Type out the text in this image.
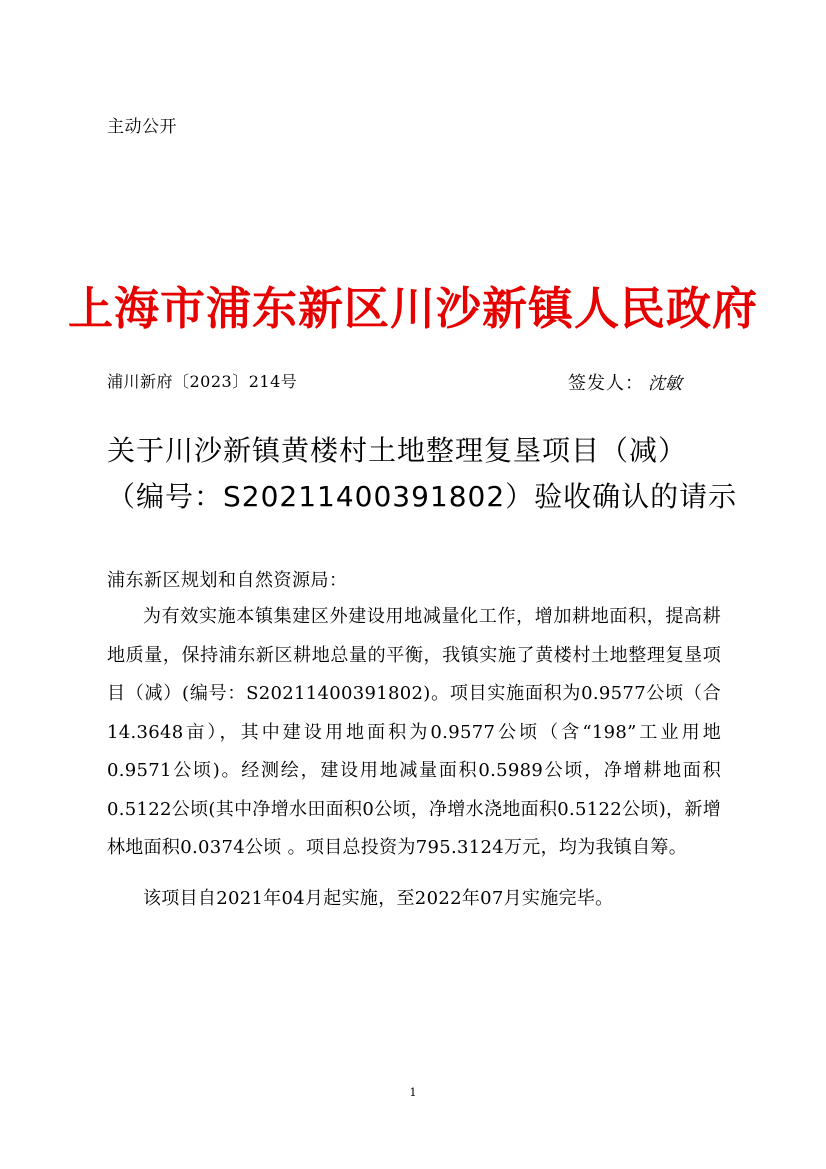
主动公开
上海市浦东新区川沙新镇人民政府
浦川新府〔2023〕214号	签发人： 沈敏
关于川沙新镇黄楼村土地整理复垦项目（减）
（编号：S20211400391802）验收确认的请示
浦东新区规划和自然资源局：

为有效实施本镇集建区外建设用地减量化工作，增加耕地面积，提高耕地质量，保持浦东新区耕地总量的平衡，我镇实施了黄楼村土地整理复垦项目（减）(编号：S20211400391802)。项目实施面积为0.9577公顷（合14.3648亩），其中建设用地面积为0.9577公顷（含“198”工业用地0.9571公顷)。经测绘，建设用地减量面积0.5989公顷，净增耕地面积0.5122公顷(其中净增水田面积0公顷，净增水浇地面积0.5122公顷)，新增林地面积0.0374公顷 。项目总投资为795.3124万元，均为我镇自筹。

该项目自2021年04月起实施，至2022年07月实施完毕。

1
